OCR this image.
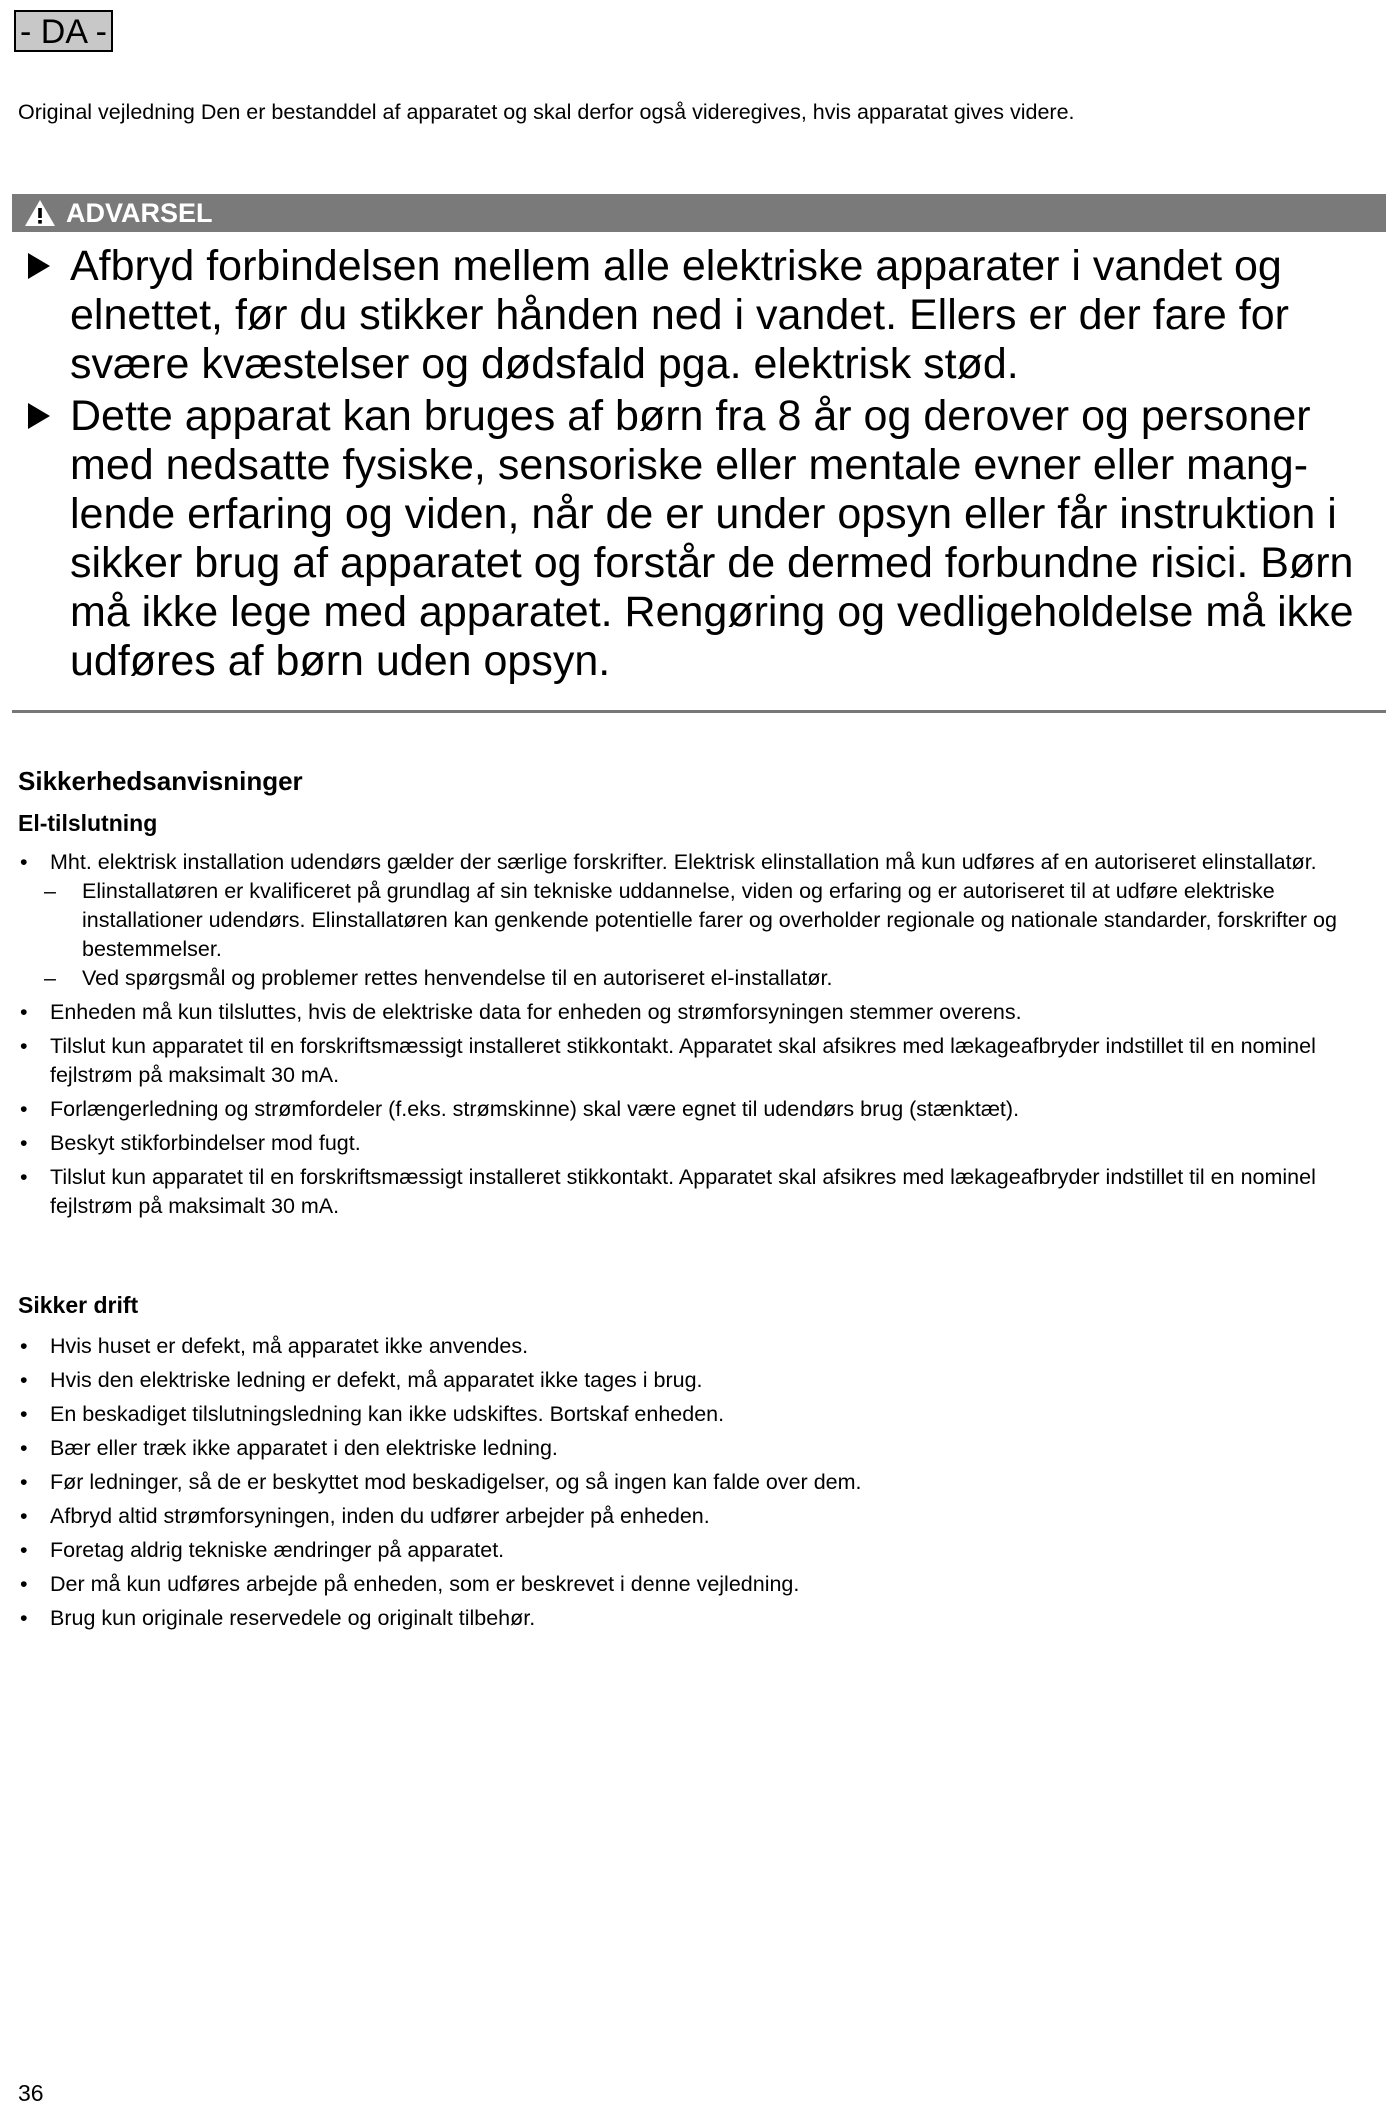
- DA -
Original vejledning Den er bestanddel af apparatet og skal derfor også videregives, hvis apparatat gives videre.
ADVARSEL
Afbryd forbindelsen mellem alle elektriske apparater i vandet og elnettet, før du stikker hånden ned i vandet. Ellers er der fare for svære kvæstelser og dødsfald pga. elektrisk stød.
Dette apparat kan bruges af børn fra 8 år og derover og personer med nedsatte fysiske, sensoriske eller mentale evner eller manglende erfaring og viden, når de er under opsyn eller får instruktion i sikker brug af apparatet og forstår de dermed forbundne risici. Børn må ikke lege med apparatet. Rengøring og vedligeholdelse må ikke udføres af børn uden opsyn.
Sikkerhedsanvisninger
El-tilslutning
• Mht. elektrisk installation udendørs gælder der særlige forskrifter. Elektrisk elinstallation må kun udføres af en autoriseret elinstallatør.
– Elinstallatøren er kvalificeret på grundlag af sin tekniske uddannelse, viden og erfaring og er autoriseret til at udføre elektriske installationer udendørs. Elinstallatøren kan genkende potentielle farer og overholder regionale og nationale standarder, forskrifter og bestemmelser.
– Ved spørgsmål og problemer rettes henvendelse til en autoriseret el-installatør.
• Enheden må kun tilsluttes, hvis de elektriske data for enheden og strømforsyningen stemmer overens.
• Tilslut kun apparatet til en forskriftsmæssigt installeret stikkontakt. Apparatet skal afsikres med lækageafbryder indstillet til en nominel fejlstrøm på maksimalt 30 mA.
• Forlængerledning og strømfordeler (f.eks. strømskinne) skal være egnet til udendørs brug (stænktæt).
• Beskyt stikforbindelser mod fugt.
• Tilslut kun apparatet til en forskriftsmæssigt installeret stikkontakt. Apparatet skal afsikres med lækageafbryder indstillet til en nominel fejlstrøm på maksimalt 30 mA.
Sikker drift
• Hvis huset er defekt, må apparatet ikke anvendes.
• Hvis den elektriske ledning er defekt, må apparatet ikke tages i brug.
• En beskadiget tilslutningsledning kan ikke udskiftes. Bortskaf enheden.
• Bær eller træk ikke apparatet i den elektriske ledning.
• Før ledninger, så de er beskyttet mod beskadigelser, og så ingen kan falde over dem.
• Afbryd altid strømforsyningen, inden du udfører arbejder på enheden.
• Foretag aldrig tekniske ændringer på apparatet.
• Der må kun udføres arbejde på enheden, som er beskrevet i denne vejledning.
• Brug kun originale reservedele og originalt tilbehør.
36
